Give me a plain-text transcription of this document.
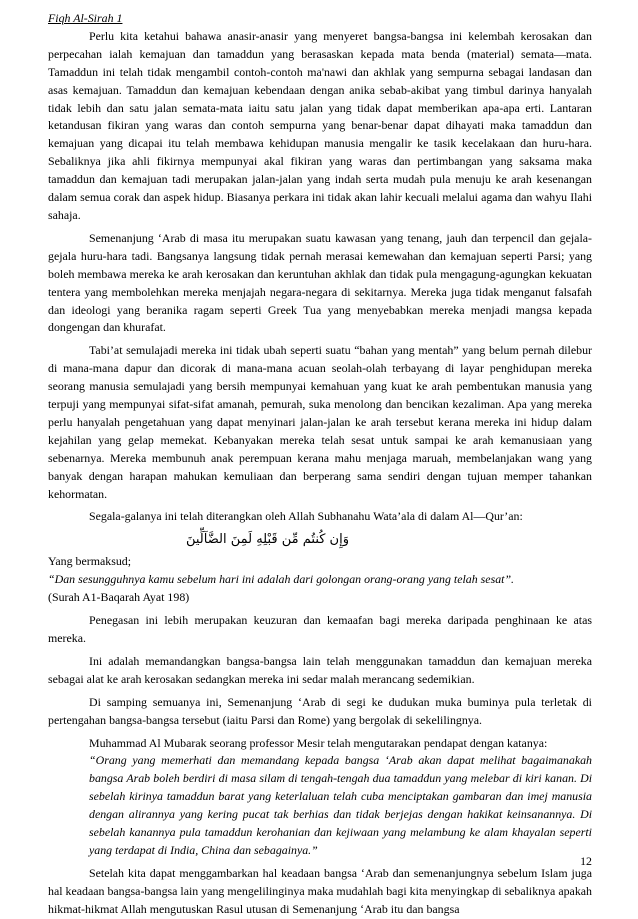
Fiqh Al-Sirah 1

Perlu kita ketahui bahawa anasir-anasir yang menyeret bangsa-bangsa ini kelembah kerosakan dan perpecahan ialah kemajuan dan tamaddun yang berasaskan kepada mata benda (material) semata—mata. Tamaddun ini telah tidak mengambil contoh-contoh ma'nawi dan akhlak yang sempurna sebagai landasan dan asas kemajuan. Tamaddun dan kemajuan kebendaan dengan anika sebab-akibat yang timbul darinya hanyalah tidak lebih dan satu jalan semata-mata iaitu satu jalan yang tidak dapat memberikan apa-apa erti. Lantaran ketandusan fikiran yang waras dan contoh sempurna yang benar-benar dapat dihayati maka tamaddun dan kemajuan yang dicapai itu telah membawa kehidupan manusia mengalir ke tasik kecelakaan dan huru-hara. Sebaliknya jika ahli fikirnya mempunyai akal fikiran yang waras dan pertimbangan yang saksama maka tamaddun dan kemajuan tadi merupakan jalan-jalan yang indah serta mudah pula menuju ke arah kesenangan dalam semua corak dan aspek hidup. Biasanya perkara ini tidak akan lahir kecuali melalui agama dan wahyu Ilahi sahaja.

Semenanjung ‘Arab di masa itu merupakan suatu kawasan yang tenang, jauh dan terpencil dan gejala-gejala huru-hara tadi. Bangsanya langsung tidak pernah merasai kemewahan dan kemajuan seperti Parsi; yang boleh membawa mereka ke arah kerosakan dan keruntuhan akhlak dan tidak pula mengagung-agungkan kekuatan tentera yang membolehkan mereka menjajah negara-negara di sekitarnya. Mereka juga tidak menganut falsafah dan ideologi yang beranika ragam seperti Greek Tua yang menyebabkan mereka menjadi mangsa kepada dongengan dan khurafat.

Tabi’at semulajadi mereka ini tidak ubah seperti suatu “bahan yang mentah” yang belum pernah dilebur di mana-mana dapur dan dicorak di mana-mana acuan seolah-olah terbayang di layar penghidupan mereka seorang manusia semulajadi yang bersih mempunyai kemahuan yang kuat ke arah pembentukan manusia yang terpuji yang mempunyai sifat-sifat amanah, pemurah, suka menolong dan bencikan kezaliman. Apa yang mereka perlu hanyalah pengetahuan yang dapat menyinari jalan-jalan ke arah tersebut kerana mereka ini hidup dalam kejahilan yang gelap memekat. Kebanyakan mereka telah sesat untuk sampai ke arah kemanusiaan yang sebenarnya. Mereka membunuh anak perempuan kerana mahu menjaga maruah, membelanjakan wang yang banyak dengan harapan mahukan kemuliaan dan berperang sama sendiri dengan tujuan memper tahankan kehormatan.

Segala-galanya ini telah diterangkan oleh Allah Subhanahu Wata’ala di dalam Al—Qur’an:

وَإِن كُنتُم مِّن قَبْلِهِ لَمِنَ الضَّآلِّينَ

Yang bermaksud;

“Dan sesungguhnya kamu sebelum hari ini adalah dari golongan orang-orang yang telah sesat”.

(Surah A1-Baqarah Ayat 198)

Penegasan ini lebih merupakan keuzuran dan kemaafan bagi mereka daripada penghinaan ke atas mereka.

Ini adalah memandangkan bangsa-bangsa lain telah menggunakan tamaddun dan kemajuan mereka sebagai alat ke arah kerosakan sedangkan mereka ini sedar malah merancang sedemikian.

Di samping semuanya ini, Semenanjung ‘Arab di segi ke dudukan muka buminya pula terletak di pertengahan bangsa-bangsa tersebut (iaitu Parsi dan Rome) yang bergolak di sekelilingnya.

Muhammad Al Mubarak seorang professor Mesir telah mengutarakan pendapat dengan katanya:

“Orang yang memerhati dan memandang kepada bangsa ‘Arab akan dapat melihat bagaimanakah bangsa Arab boleh berdiri di masa silam di tengah-tengah dua tamaddun yang melebar di kiri kanan. Di sebelah kirinya tamaddun barat yang keterlaluan telah cuba menciptakan gambaran dan imej manusia dengan alirannya yang kering pucat tak berhias dan tidak berjejas dengan hakikat keinsanannya. Di sebelah kanannya pula tamaddun kerohanian dan kejiwaan yang melambung ke alam khayalan seperti yang terdapat di India, China dan sebagainya.”

Setelah kita dapat menggambarkan hal keadaan bangsa ‘Arab dan semenanjungnya sebelum Islam juga hal keadaan bangsa-bangsa lain yang mengelilinginya maka mudahlah bagi kita menyingkap di sebaliknya apakah hikmat-hikmat Allah mengutuskan Rasul utusan di Semenanjung ‘Arab itu dan bangsa

12
